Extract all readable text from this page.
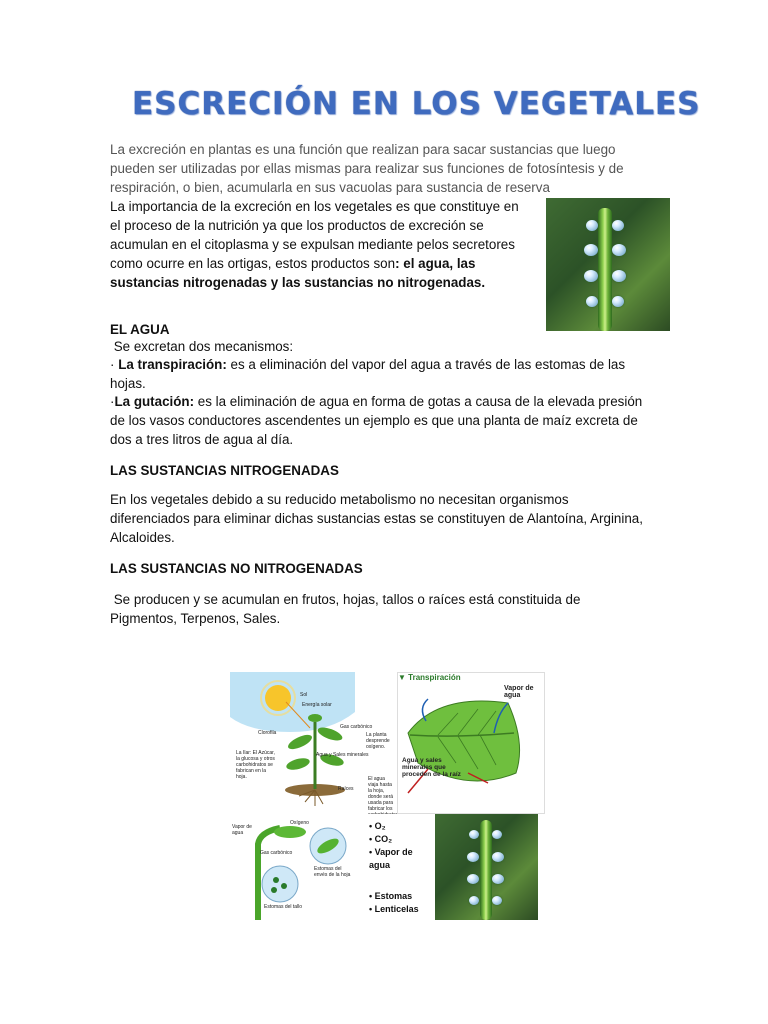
ESCRECIÓN EN LOS VEGETALES
La excreción en plantas es una función que realizan para sacar sustancias que luego pueden ser utilizadas por ellas mismas para realizar sus funciones de fotosíntesis y de respiración, o bien, acumularla en sus vacuolas para sustancia de reserva
La importancia de la excreción en los vegetales es que constituye en el proceso de la nutrición ya que los productos de excreción se acumulan en el citoplasma y se expulsan mediante pelos secretores como ocurre en las ortigas, estos productos son: el agua, las sustancias nitrogenadas y las sustancias no nitrogenadas.
EL AGUA
Se excretan dos mecanismos:
· La transpiración: es a eliminación del vapor del agua a través de las estomas de las hojas.
·La gutación: es la eliminación de agua en forma de gotas a causa de la elevada presión de los vasos conductores ascendentes un ejemplo es que una planta de maíz excreta de dos a tres litros de agua al día.
LAS SUSTANCIAS NITROGENADAS
En los vegetales debido a su reducido metabolismo no necesitan organismos diferenciados para eliminar dichas sustancias estas se constituyen de Alantoína, Arginina, Alcaloides.
LAS SUSTANCIAS NO NITROGENADAS
Se producen y se acumulan en frutos, hojas, tallos o raíces está constituida de Pigmentos, Terpenos, Sales.
Sol
Energía solar
Gas carbónico
Clorofila	La planta desprende oxígeno.
Agua y Sales minerales
La Ilar: El Azúcar, la glucosa y otros carbohidratos se fabrican en la hoja.
Raíces
El agua viaja hasta la hoja, donde será usada para fabricar los
▼ Transpiración
Vapor de agua
Agua y sales minerales que proceden de la raíz
Vapor de agua
Oxígeno
Gas carbónico
Estomas del envés de la hoja
Estomas del tallo
• O₂
• CO₂
• Vapor de agua
• Estomas
• Lenticelas
